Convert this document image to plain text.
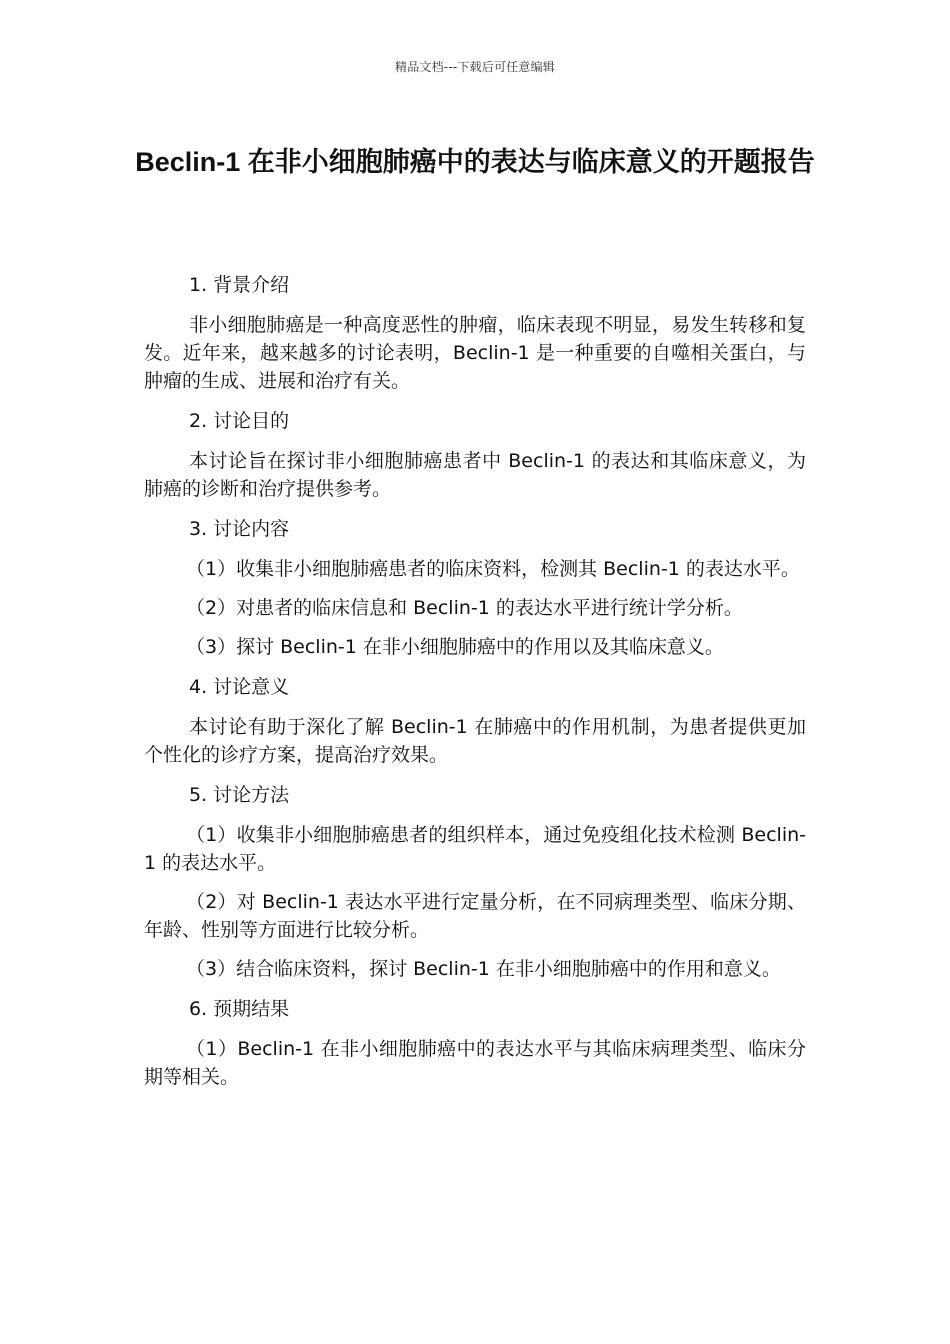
精品文档---下载后可任意编辑
Beclin-1 在非小细胞肺癌中的表达与临床意义的开题报告
1. 背景介绍
非小细胞肺癌是一种高度恶性的肿瘤，临床表现不明显，易发生转移和复发。近年来，越来越多的讨论表明，Beclin-1 是一种重要的自噬相关蛋白，与肿瘤的生成、进展和治疗有关。
2. 讨论目的
本讨论旨在探讨非小细胞肺癌患者中 Beclin-1 的表达和其临床意义，为肺癌的诊断和治疗提供参考。
3. 讨论内容
（1）收集非小细胞肺癌患者的临床资料，检测其 Beclin-1 的表达水平。
（2）对患者的临床信息和 Beclin-1 的表达水平进行统计学分析。
（3）探讨 Beclin-1 在非小细胞肺癌中的作用以及其临床意义。
4. 讨论意义
本讨论有助于深化了解 Beclin-1 在肺癌中的作用机制，为患者提供更加个性化的诊疗方案，提高治疗效果。
5. 讨论方法
（1）收集非小细胞肺癌患者的组织样本，通过免疫组化技术检测 Beclin-1 的表达水平。
（2）对 Beclin-1 表达水平进行定量分析，在不同病理类型、临床分期、年龄、性别等方面进行比较分析。
（3）结合临床资料，探讨 Beclin-1 在非小细胞肺癌中的作用和意义。
6. 预期结果
（1）Beclin-1 在非小细胞肺癌中的表达水平与其临床病理类型、临床分期等相关。
